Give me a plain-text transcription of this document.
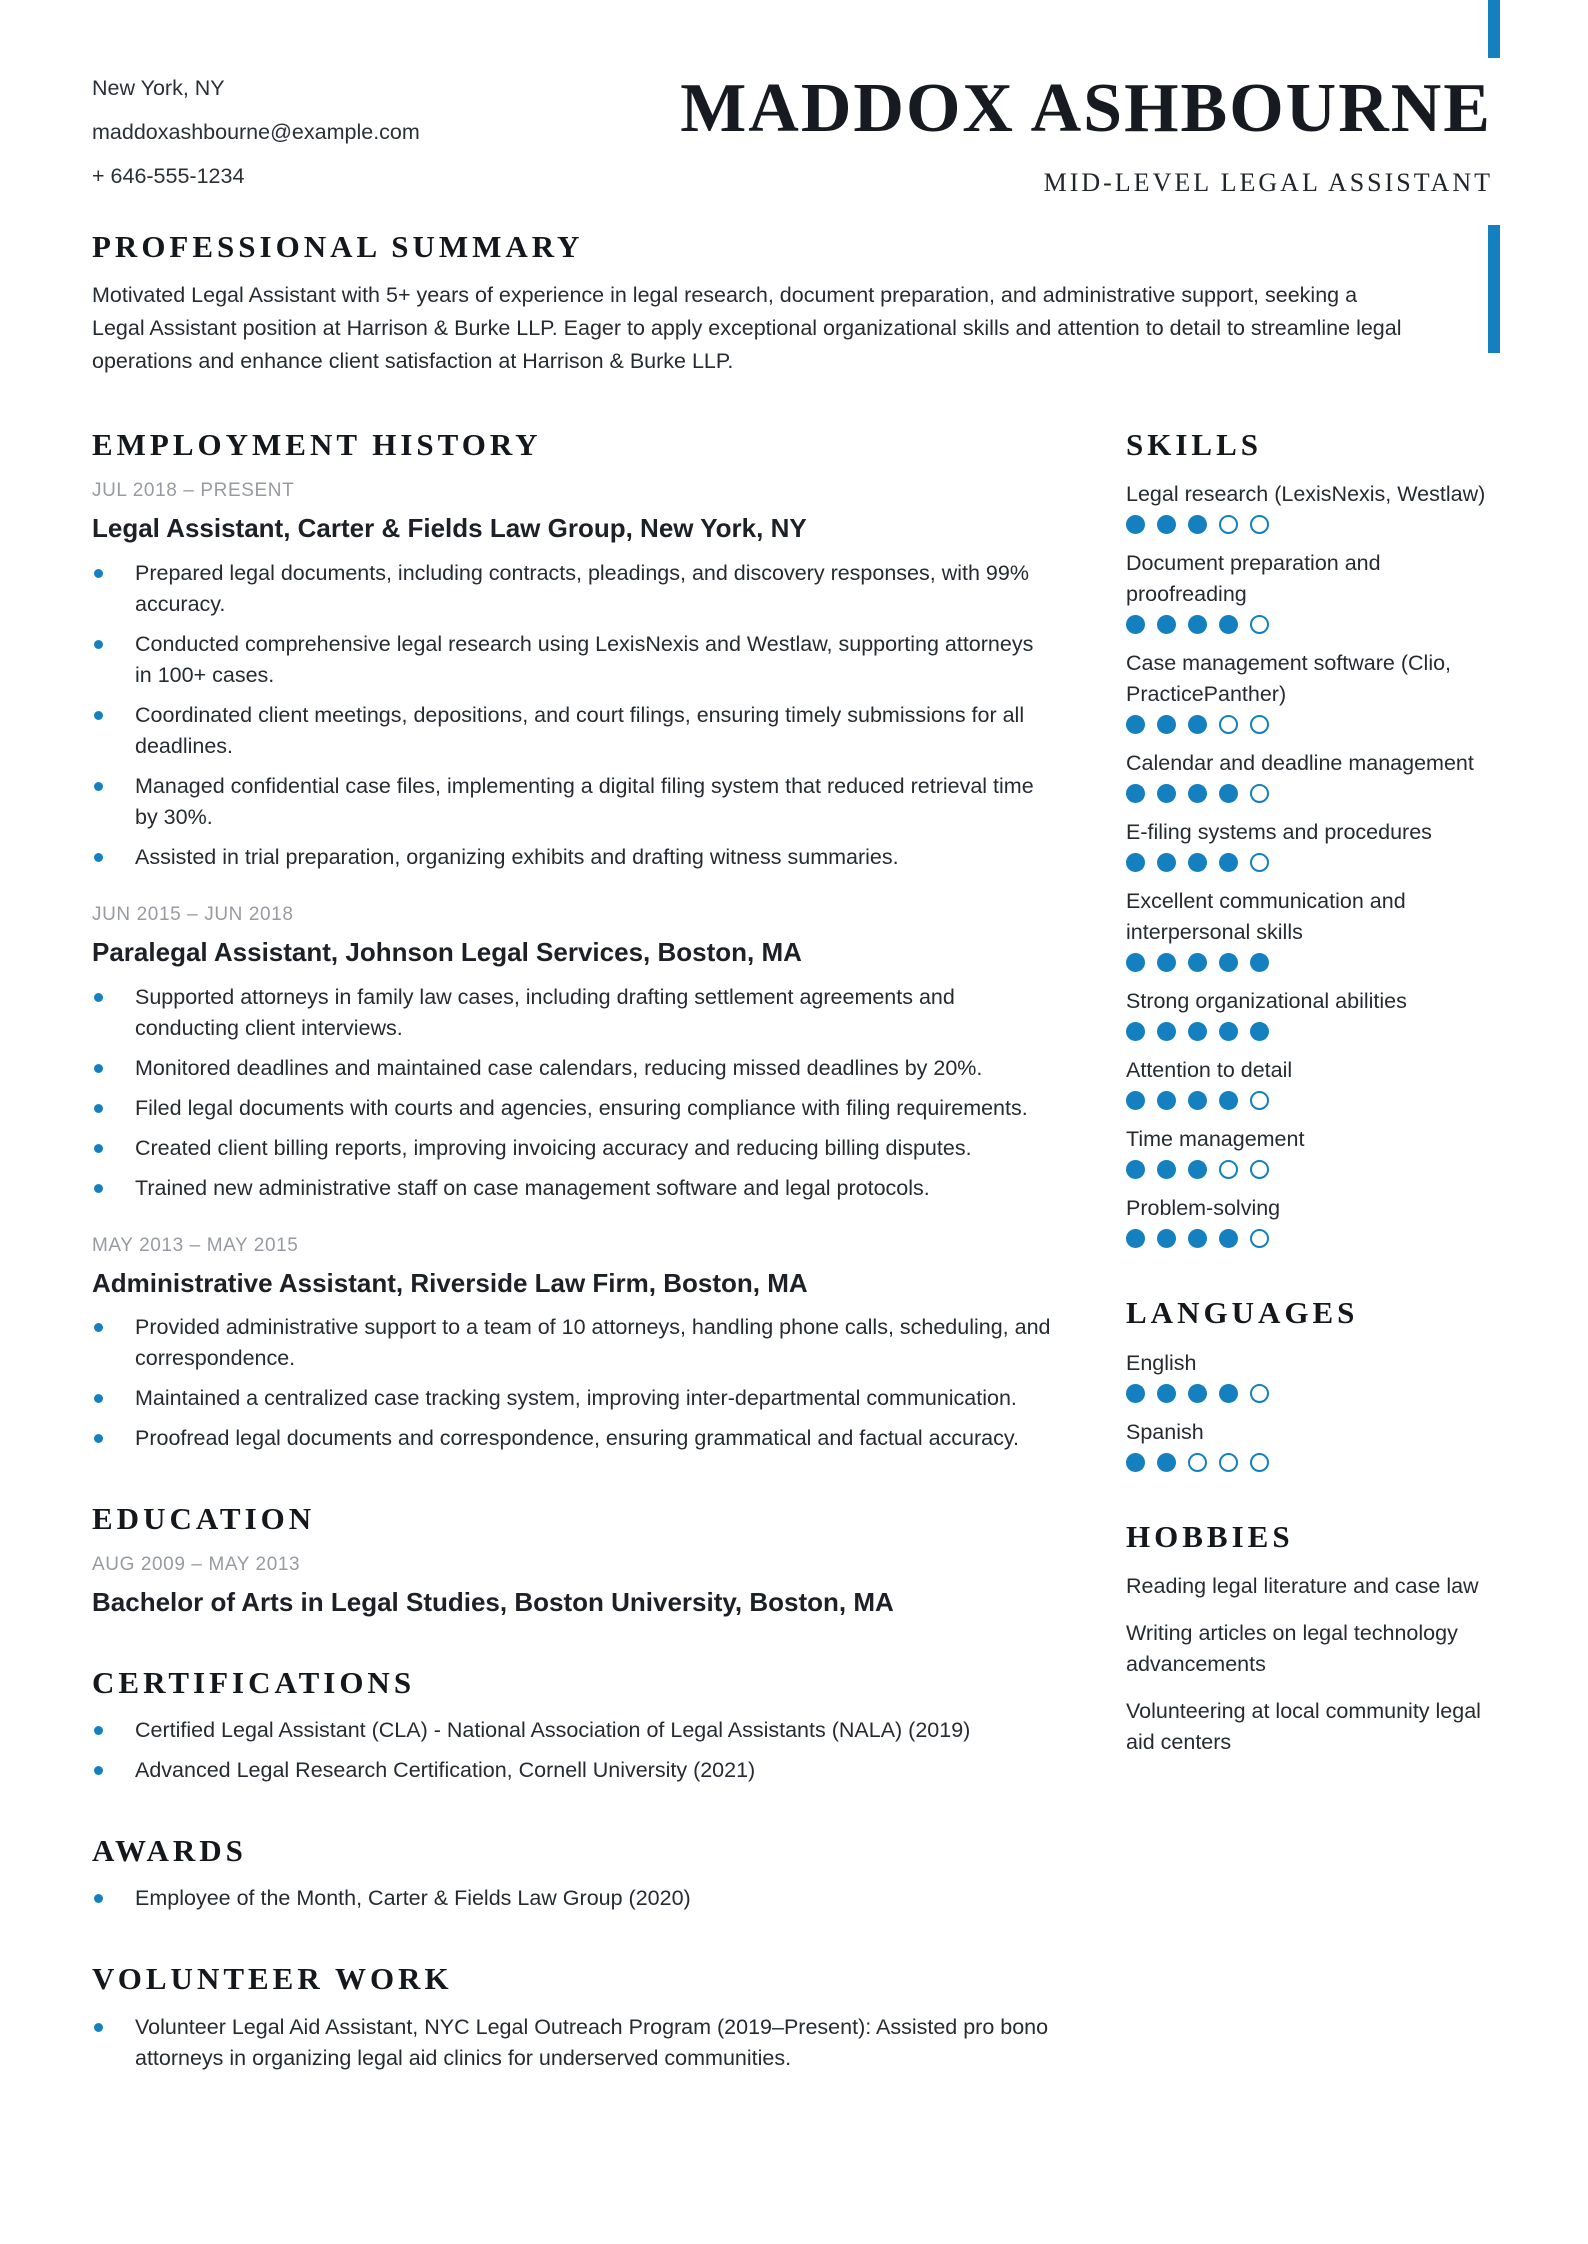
New York, NY
maddoxashbourne@example.com
+ 646-555-1234
MADDOX ASHBOURNE
MID-LEVEL LEGAL ASSISTANT
PROFESSIONAL SUMMARY
Motivated Legal Assistant with 5+ years of experience in legal research, document preparation, and administrative support, seeking a Legal Assistant position at Harrison & Burke LLP. Eager to apply exceptional organizational skills and attention to detail to streamline legal operations and enhance client satisfaction at Harrison & Burke LLP.
EMPLOYMENT HISTORY
JUL 2018 – PRESENT
Legal Assistant, Carter & Fields Law Group, New York, NY
Prepared legal documents, including contracts, pleadings, and discovery responses, with 99% accuracy.
Conducted comprehensive legal research using LexisNexis and Westlaw, supporting attorneys in 100+ cases.
Coordinated client meetings, depositions, and court filings, ensuring timely submissions for all deadlines.
Managed confidential case files, implementing a digital filing system that reduced retrieval time by 30%.
Assisted in trial preparation, organizing exhibits and drafting witness summaries.
JUN 2015 – JUN 2018
Paralegal Assistant, Johnson Legal Services, Boston, MA
Supported attorneys in family law cases, including drafting settlement agreements and conducting client interviews.
Monitored deadlines and maintained case calendars, reducing missed deadlines by 20%.
Filed legal documents with courts and agencies, ensuring compliance with filing requirements.
Created client billing reports, improving invoicing accuracy and reducing billing disputes.
Trained new administrative staff on case management software and legal protocols.
MAY 2013 – MAY 2015
Administrative Assistant, Riverside Law Firm, Boston, MA
Provided administrative support to a team of 10 attorneys, handling phone calls, scheduling, and correspondence.
Maintained a centralized case tracking system, improving inter-departmental communication.
Proofread legal documents and correspondence, ensuring grammatical and factual accuracy.
EDUCATION
AUG 2009 – MAY 2013
Bachelor of Arts in Legal Studies, Boston University, Boston, MA
CERTIFICATIONS
Certified Legal Assistant (CLA) - National Association of Legal Assistants (NALA) (2019)
Advanced Legal Research Certification, Cornell University (2021)
AWARDS
Employee of the Month, Carter & Fields Law Group (2020)
VOLUNTEER WORK
Volunteer Legal Aid Assistant, NYC Legal Outreach Program (2019–Present): Assisted pro bono attorneys in organizing legal aid clinics for underserved communities.
SKILLS
Legal research (LexisNexis, Westlaw)
Document preparation and proofreading
Case management software (Clio, PracticePanther)
Calendar and deadline management
E-filing systems and procedures
Excellent communication and interpersonal skills
Strong organizational abilities
Attention to detail
Time management
Problem-solving
LANGUAGES
English
Spanish
HOBBIES
Reading legal literature and case law
Writing articles on legal technology advancements
Volunteering at local community legal aid centers
